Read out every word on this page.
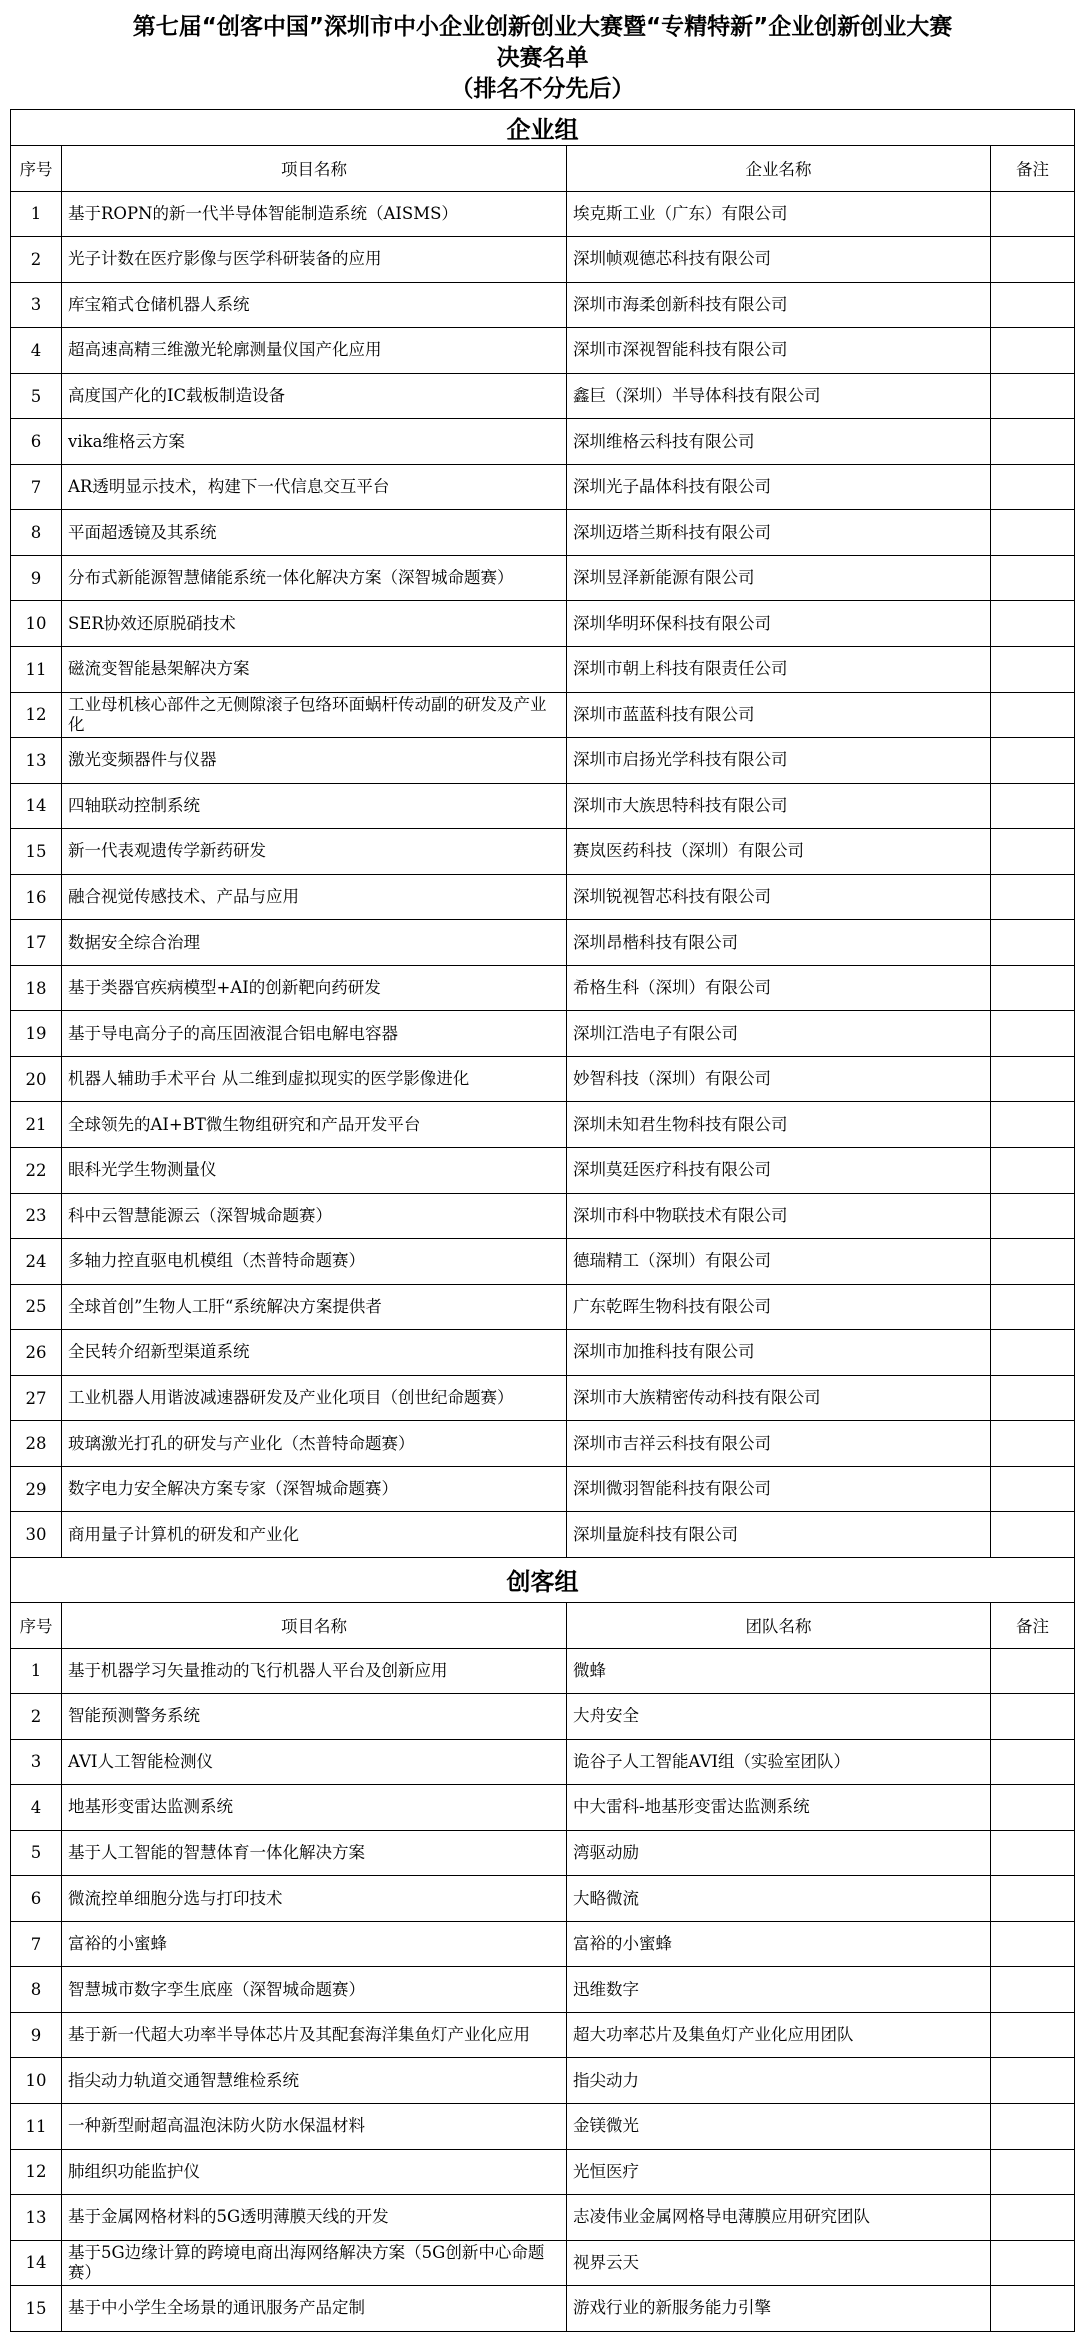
第七届“创客中国”深圳市中小企业创新创业大赛暨“专精特新”企业创新创业大赛
决赛名单
（排名不分先后）
企业组			
序号	项目名称	企业名称	备注
1	基于ROPN的新一代半导体智能制造系统（AISMS）	埃克斯工业（广东）有限公司	
2	光子计数在医疗影像与医学科研装备的应用	深圳帧观德芯科技有限公司	
3	库宝箱式仓储机器人系统	深圳市海柔创新科技有限公司	
4	超高速高精三维激光轮廓测量仪国产化应用	深圳市深视智能科技有限公司	
5	高度国产化的IC载板制造设备	鑫巨（深圳）半导体科技有限公司	
6	vika维格云方案	深圳维格云科技有限公司	
7	AR透明显示技术，构建下一代信息交互平台	深圳光子晶体科技有限公司	
8	平面超透镜及其系统	深圳迈塔兰斯科技有限公司	
9	分布式新能源智慧储能系统一体化解决方案（深智城命题赛）	深圳昱泽新能源有限公司	
10	SER协效还原脱硝技术	深圳华明环保科技有限公司	
11	磁流变智能悬架解决方案	深圳市朝上科技有限责任公司	
12	工业母机核心部件之无侧隙滚子包络环面蜗杆传动副的研发及产业化	深圳市蓝蓝科技有限公司	
13	激光变频器件与仪器	深圳市启扬光学科技有限公司	
14	四轴联动控制系统	深圳市大族思特科技有限公司	
15	新一代表观遗传学新药研发	赛岚医药科技（深圳）有限公司	
16	融合视觉传感技术、产品与应用	深圳锐视智芯科技有限公司	
17	数据安全综合治理	深圳昂楷科技有限公司	
18	基于类器官疾病模型+AI的创新靶向药研发	希格生科（深圳）有限公司	
19	基于导电高分子的高压固液混合铝电解电容器	深圳江浩电子有限公司	
20	机器人辅助手术平台 从二维到虚拟现实的医学影像进化	妙智科技（深圳）有限公司	
21	全球领先的AI+BT微生物组研究和产品开发平台	深圳未知君生物科技有限公司	
22	眼科光学生物测量仪	深圳莫廷医疗科技有限公司	
23	科中云智慧能源云（深智城命题赛）	深圳市科中物联技术有限公司	
24	多轴力控直驱电机模组（杰普特命题赛）	德瑞精工（深圳）有限公司	
25	全球首创”生物人工肝“系统解决方案提供者	广东乾晖生物科技有限公司	
26	全民转介绍新型渠道系统	深圳市加推科技有限公司	
27	工业机器人用谐波减速器研发及产业化项目（创世纪命题赛）	深圳市大族精密传动科技有限公司	
28	玻璃激光打孔的研发与产业化（杰普特命题赛）	深圳市吉祥云科技有限公司	
29	数字电力安全解决方案专家（深智城命题赛）	深圳微羽智能科技有限公司	
30	商用量子计算机的研发和产业化	深圳量旋科技有限公司	
创客组			
序号	项目名称	团队名称	备注
1	基于机器学习矢量推动的飞行机器人平台及创新应用	微蜂	
2	智能预测警务系统	大舟安全	
3	AVI人工智能检测仪	诡谷子人工智能AVI组（实验室团队）	
4	地基形变雷达监测系统	中大雷科-地基形变雷达监测系统	
5	基于人工智能的智慧体育一体化解决方案	湾驱动励	
6	微流控单细胞分选与打印技术	大略微流	
7	富裕的小蜜蜂	富裕的小蜜蜂	
8	智慧城市数字孪生底座（深智城命题赛）	迅维数字	
9	基于新一代超大功率半导体芯片及其配套海洋集鱼灯产业化应用	超大功率芯片及集鱼灯产业化应用团队	
10	指尖动力轨道交通智慧维检系统	指尖动力	
11	一种新型耐超高温泡沫防火防水保温材料	金镁微光	
12	肺组织功能监护仪	光恒医疗	
13	基于金属网格材料的5G透明薄膜天线的开发	志凌伟业金属网格导电薄膜应用研究团队	
14	基于5G边缘计算的跨境电商出海网络解决方案（5G创新中心命题赛）	视界云天	
15	基于中小学生全场景的通讯服务产品定制	游戏行业的新服务能力引擎	
